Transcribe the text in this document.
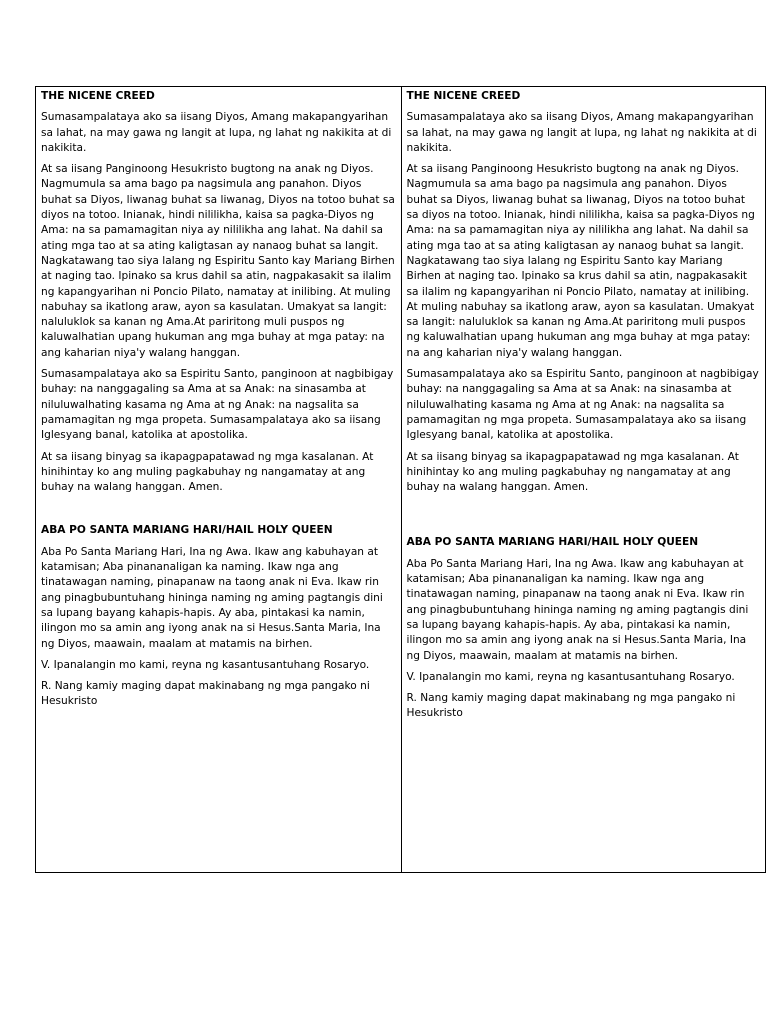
THE NICENE CREED
Sumasampalataya ako sa iisang Diyos, Amang makapangyarihan sa lahat, na may gawa ng langit at lupa, ng lahat ng nakikita at di nakikita.
At sa iisang Panginoong Hesukristo bugtong na anak ng Diyos. Nagmumula sa ama bago pa nagsimula ang panahon. Diyos buhat sa Diyos, liwanag buhat sa liwanag, Diyos na totoo buhat sa diyos na totoo. Inianak, hindi nililikha, kaisa sa pagka-Diyos ng Ama: na sa pamamagitan niya ay nililikha ang lahat. Na dahil sa ating mga tao at sa ating kaligtasan ay nanaog buhat sa langit. Nagkatawang tao siya lalang ng Espiritu Santo kay Mariang Birhen at naging tao. Ipinako sa krus dahil sa atin, nagpakasakit sa ilalim ng kapangyarihan ni Poncio Pilato, namatay at inilibing. At muling nabuhay sa ikatlong araw, ayon sa kasulatan. Umakyat sa langit: naluluklok sa kanan ng Ama.At pariritong muli puspos ng kaluwalhatian upang hukuman ang mga buhay at mga patay: na ang kaharian niya'y walang hanggan.
Sumasampalataya ako sa Espiritu Santo, panginoon at nagbibigay buhay: na nanggagaling sa Ama at sa Anak: na sinasamba at niluluwalhating kasama ng Ama at ng Anak: na nagsalita sa pamamagitan ng mga propeta. Sumasampalataya ako sa iisang Iglesyang banal, katolika at apostolika.
At sa iisang binyag sa ikapagpapatawad ng mga kasalanan. At hinihintay ko ang muling pagkabuhay ng nangamatay at ang buhay na walang hanggan. Amen.
ABA PO SANTA MARIANG HARI/HAIL HOLY QUEEN
Aba Po Santa Mariang Hari, Ina ng Awa. Ikaw ang kabuhayan at katamisan; Aba pinananaligan ka naming. Ikaw nga ang tinatawagan naming, pinapanaw na taong anak ni Eva. Ikaw rin ang pinagbubuntuhang hininga naming ng aming pagtangis dini sa lupang bayang kahapis-hapis. Ay aba, pintakasi ka namin, ilingon mo sa amin ang iyong anak na si Hesus.Santa Maria, Ina ng Diyos, maawain, maalam at matamis na birhen.
V. Ipanalangin mo kami, reyna ng kasantusantuhang Rosaryo.
R. Nang kamiy maging dapat makinabang ng mga pangako ni Hesukristo
THE NICENE CREED
Sumasampalataya ako sa iisang Diyos, Amang makapangyarihan sa lahat, na may gawa ng langit at lupa, ng lahat ng nakikita at di nakikita.
At sa iisang Panginoong Hesukristo bugtong na anak ng Diyos. Nagmumula sa ama bago pa nagsimula ang panahon. Diyos buhat sa Diyos, liwanag buhat sa liwanag, Diyos na totoo buhat sa diyos na totoo. Inianak, hindi nililikha, kaisa sa pagka-Diyos ng Ama: na sa pamamagitan niya ay nililikha ang lahat. Na dahil sa ating mga tao at sa ating kaligtasan ay nanaog buhat sa langit. Nagkatawang tao siya lalang ng Espiritu Santo kay Mariang Birhen at naging tao. Ipinako sa krus dahil sa atin, nagpakasakit sa ilalim ng kapangyarihan ni Poncio Pilato, namatay at inilibing. At muling nabuhay sa ikatlong araw, ayon sa kasulatan. Umakyat sa langit: naluluklok sa kanan ng Ama.At pariritong muli puspos ng kaluwalhatian upang hukuman ang mga buhay at mga patay: na ang kaharian niya'y walang hanggan.
Sumasampalataya ako sa Espiritu Santo, panginoon at nagbibigay buhay: na nanggagaling sa Ama at sa Anak: na sinasamba at niluluwalhating kasama ng Ama at ng Anak: na nagsalita sa pamamagitan ng mga propeta. Sumasampalataya ako sa iisang Iglesyang banal, katolika at apostolika.
At sa iisang binyag sa ikapagpapatawad ng mga kasalanan. At hinihintay ko ang muling pagkabuhay ng nangamatay at ang buhay na walang hanggan. Amen.
ABA PO SANTA MARIANG HARI/HAIL HOLY QUEEN
Aba Po Santa Mariang Hari, Ina ng Awa. Ikaw ang kabuhayan at katamisan; Aba pinananaligan ka naming. Ikaw nga ang tinatawagan naming, pinapanaw na taong anak ni Eva. Ikaw rin ang pinagbubuntuhang hininga naming ng aming pagtangis dini sa lupang bayang kahapis-hapis. Ay aba, pintakasi ka namin, ilingon mo sa amin ang iyong anak na si Hesus.Santa Maria, Ina ng Diyos, maawain, maalam at matamis na birhen.
V. Ipanalangin mo kami, reyna ng kasantusantuhang Rosaryo.
R. Nang kamiy maging dapat makinabang ng mga pangako ni Hesukristo
